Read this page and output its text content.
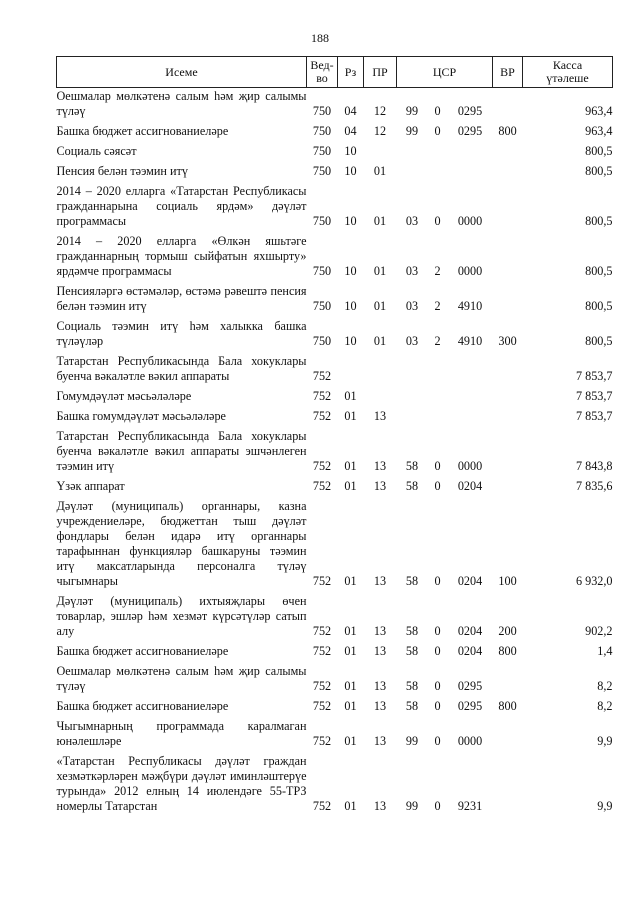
188
Исеме	Вед-
во	Рз	ПР	ЦСР			ВР	Касса
үтәлеше
Оешмалар мөлкәтенә салым һәм җир салымы түләү	750	04	12	99	0	0295		963,4
Башка бюджет ассигнованиеләре	750	04	12	99	0	0295	800	963,4
Социаль сәясәт	750	10						800,5
Пенсия белән тәэмин итү	750	10	01					800,5
2014 – 2020 елларга «Татарстан Республикасы гражданнарына социаль ярдәм» дәүләт программасы	750	10	01	03	0	0000		800,5
2014 – 2020 елларга «Өлкән яшьтәге гражданнарның тормыш сыйфатын яхшырту» ярдәмче программасы	750	10	01	03	2	0000		800,5
Пенсияләргә өстәмәләр, өстәмә рәвештә пенсия белән тәэмин итү	750	10	01	03	2	4910		800,5
Социаль тәэмин итү һәм халыкка башка түләүләр	750	10	01	03	2	4910	300	800,5
Татарстан Республикасында Бала хокуклары буенча вәкаләтле вәкил аппараты	752							7 853,7
Гомумдәүләт мәсьәләләре	752	01						7 853,7
Башка гомумдәүләт мәсьәләләре	752	01	13					7 853,7
Татарстан Республикасында Бала хокуклары буенча вәкаләтле вәкил аппараты эшчәнлеген тәэмин итү	752	01	13	58	0	0000		7 843,8
Үзәк аппарат	752	01	13	58	0	0204		7 835,6
Дәүләт (муниципаль) органнары, казна учреждениеләре, бюджеттан тыш дәүләт фондлары белән идарә итү органнары тарафыннан функцияләр башкаруны тәэмин итү максатларында персоналга түләү чыгымнары	752	01	13	58	0	0204	100	6 932,0
Дәүләт (муниципаль) ихтыяҗлары өчен товарлар, эшләр һәм хезмәт күрсәтүләр сатып алу	752	01	13	58	0	0204	200	902,2
Башка бюджет ассигнованиеләре	752	01	13	58	0	0204	800	1,4
Оешмалар мөлкәтенә салым һәм җир салымы түләү	752	01	13	58	0	0295		8,2
Башка бюджет ассигнованиеләре	752	01	13	58	0	0295	800	8,2
Чыгымнарның программада каралмаган юнәлешләре	752	01	13	99	0	0000		9,9
«Татарстан Республикасы дәүләт граждан хезмәткәрләрен мәҗбүри дәүләт иминләштерүе турында» 2012 елның 14 июлендәге 55-ТРЗ номерлы Татарстан	752	01	13	99	0	9231		9,9
